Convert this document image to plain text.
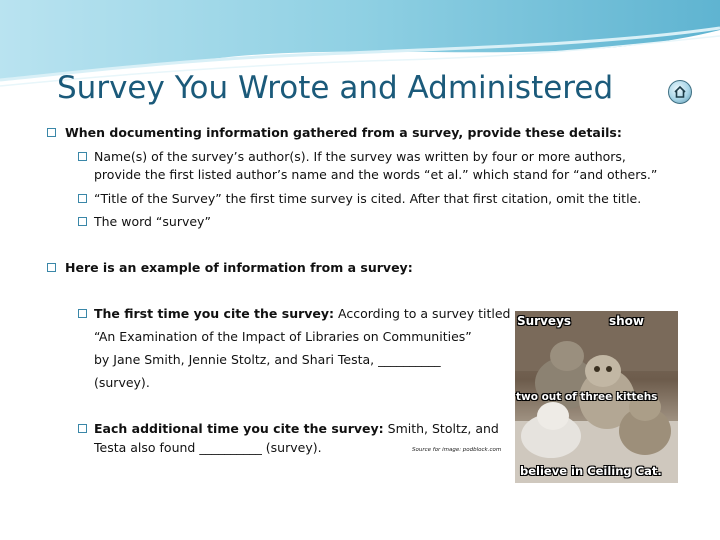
Survey You Wrote and Administered
When documenting information gathered from a survey, provide these details:
Name(s) of the survey’s author(s). If the survey was written by four or more authors,
provide the first listed author’s name and the words “et al.” which stand for “and others.”
“Title of the Survey” the first time survey is cited. After that first citation, omit the title.
The word “survey”
Here is an example of information from a survey:
The first time you cite the survey: According to a survey titled
“An Examination of the Impact of Libraries on Communities”
by Jane Smith, Jennie Stoltz, and Shari Testa, __________
(survey).
Each additional time you cite the survey: Smith, Stoltz, and
Testa also found __________ (survey).	Source for image: podblock.com
Surveys	show
two out of three kittehs
believe in Ceiling Cat.
